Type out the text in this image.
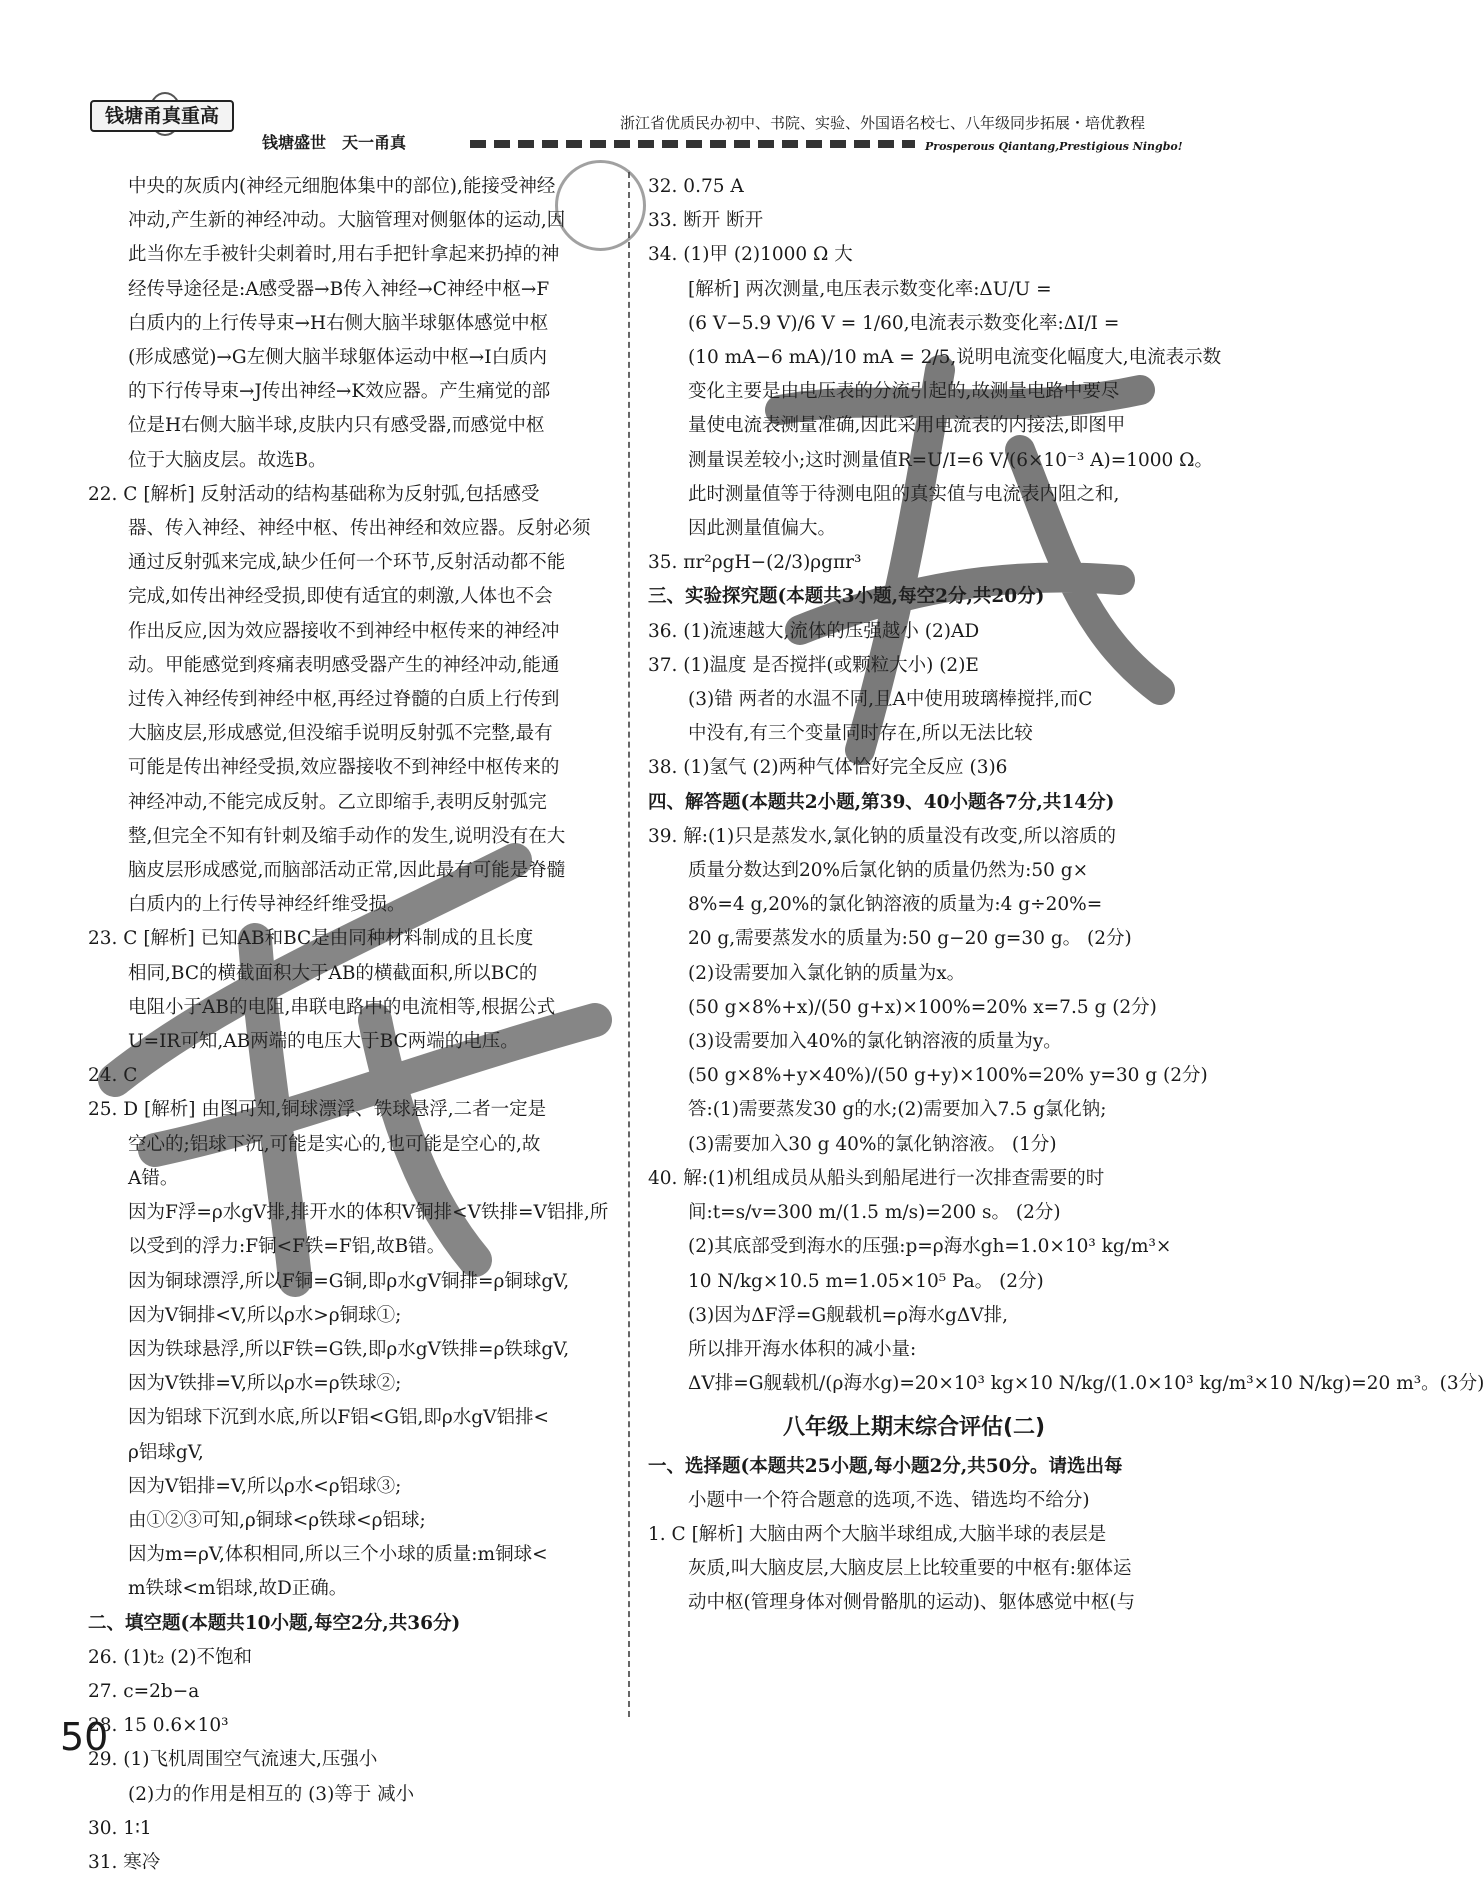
钱塘甬真重高
钱塘盛世　天一甬真
浙江省优质民办初中、书院、实验、外国语名校七、八年级同步拓展・培优教程
Prosperous Qiantang,Prestigious Ningbo!
中央的灰质内(神经元细胞体集中的部位),能接受神经
冲动,产生新的神经冲动。大脑管理对侧躯体的运动,因
此当你左手被针尖刺着时,用右手把针拿起来扔掉的神
经传导途径是:A感受器→B传入神经→C神经中枢→F
白质内的上行传导束→H右侧大脑半球躯体感觉中枢
(形成感觉)→G左侧大脑半球躯体运动中枢→I白质内
的下行传导束→J传出神经→K效应器。产生痛觉的部
位是H右侧大脑半球,皮肤内只有感受器,而感觉中枢
位于大脑皮层。故选B。
22. C [解析] 反射活动的结构基础称为反射弧,包括感受
器、传入神经、神经中枢、传出神经和效应器。反射必须
通过反射弧来完成,缺少任何一个环节,反射活动都不能
完成,如传出神经受损,即使有适宜的刺激,人体也不会
作出反应,因为效应器接收不到神经中枢传来的神经冲
动。甲能感觉到疼痛表明感受器产生的神经冲动,能通
过传入神经传到神经中枢,再经过脊髓的白质上行传到
大脑皮层,形成感觉,但没缩手说明反射弧不完整,最有
可能是传出神经受损,效应器接收不到神经中枢传来的
神经冲动,不能完成反射。乙立即缩手,表明反射弧完
整,但完全不知有针刺及缩手动作的发生,说明没有在大
脑皮层形成感觉,而脑部活动正常,因此最有可能是脊髓
白质内的上行传导神经纤维受损。
23. C [解析] 已知AB和BC是由同种材料制成的且长度
相同,BC的横截面积大于AB的横截面积,所以BC的
电阻小于AB的电阻,串联电路中的电流相等,根据公式
U=IR可知,AB两端的电压大于BC两端的电压。
24. C
25. D [解析] 由图可知,铜球漂浮、铁球悬浮,二者一定是
空心的;铝球下沉,可能是实心的,也可能是空心的,故
A错。
因为F浮=ρ水gV排,排开水的体积V铜排<V铁排=V铝排,所
以受到的浮力:F铜<F铁=F铝,故B错。
因为铜球漂浮,所以F铜=G铜,即ρ水gV铜排=ρ铜球gV,
因为V铜排<V,所以ρ水>ρ铜球①;
因为铁球悬浮,所以F铁=G铁,即ρ水gV铁排=ρ铁球gV,
因为V铁排=V,所以ρ水=ρ铁球②;
因为铝球下沉到水底,所以F铝<G铝,即ρ水gV铝排<
ρ铝球gV,
因为V铝排=V,所以ρ水<ρ铝球③;
由①②③可知,ρ铜球<ρ铁球<ρ铝球;
因为m=ρV,体积相同,所以三个小球的质量:m铜球<
m铁球<m铝球,故D正确。
二、填空题(本题共10小题,每空2分,共36分)
26. (1)t₂ (2)不饱和
27. c=2b−a
28. 15 0.6×10³
29. (1)飞机周围空气流速大,压强小
(2)力的作用是相互的 (3)等于 减小
30. 1∶1
31. 寒冷
32. 0.75 A
33. 断开 断开
34. (1)甲 (2)1000 Ω 大
[解析] 两次测量,电压表示数变化率:ΔU/U =
(6 V−5.9 V)/6 V = 1/60,电流表示数变化率:ΔI/I =
(10 mA−6 mA)/10 mA = 2/5,说明电流变化幅度大,电流表示数
变化主要是由电压表的分流引起的,故测量电路中要尽
量使电流表测量准确,因此采用电流表的内接法,即图甲
测量误差较小;这时测量值R=U/I=6 V/(6×10⁻³ A)=1000 Ω。
此时测量值等于待测电阻的真实值与电流表内阻之和,
因此测量值偏大。
35. πr²ρgH−(2/3)ρgπr³
三、实验探究题(本题共3小题,每空2分,共20分)
36. (1)流速越大,流体的压强越小 (2)AD
37. (1)温度 是否搅拌(或颗粒大小) (2)E
(3)错 两者的水温不同,且A中使用玻璃棒搅拌,而C
中没有,有三个变量同时存在,所以无法比较
38. (1)氢气 (2)两种气体恰好完全反应 (3)6
四、解答题(本题共2小题,第39、40小题各7分,共14分)
39. 解:(1)只是蒸发水,氯化钠的质量没有改变,所以溶质的
质量分数达到20%后氯化钠的质量仍然为:50 g×
8%=4 g,20%的氯化钠溶液的质量为:4 g÷20%=
20 g,需要蒸发水的质量为:50 g−20 g=30 g。 (2分)
(2)设需要加入氯化钠的质量为x。
(50 g×8%+x)/(50 g+x)×100%=20% x=7.5 g (2分)
(3)设需要加入40%的氯化钠溶液的质量为y。
(50 g×8%+y×40%)/(50 g+y)×100%=20% y=30 g (2分)
答:(1)需要蒸发30 g的水;(2)需要加入7.5 g氯化钠;
(3)需要加入30 g 40%的氯化钠溶液。 (1分)
40. 解:(1)机组成员从船头到船尾进行一次排查需要的时
间:t=s/v=300 m/(1.5 m/s)=200 s。 (2分)
(2)其底部受到海水的压强:p=ρ海水gh=1.0×10³ kg/m³×
10 N/kg×10.5 m=1.05×10⁵ Pa。 (2分)
(3)因为ΔF浮=G舰载机=ρ海水gΔV排,
所以排开海水体积的减小量:
ΔV排=G舰载机/(ρ海水g)=20×10³ kg×10 N/kg/(1.0×10³ kg/m³×10 N/kg)=20 m³。(3分)
八年级上期末综合评估(二)
一、选择题(本题共25小题,每小题2分,共50分。请选出每
小题中一个符合题意的选项,不选、错选均不给分)
1. C [解析] 大脑由两个大脑半球组成,大脑半球的表层是
灰质,叫大脑皮层,大脑皮层上比较重要的中枢有:躯体运
动中枢(管理身体对侧骨骼肌的运动)、躯体感觉中枢(与
50
